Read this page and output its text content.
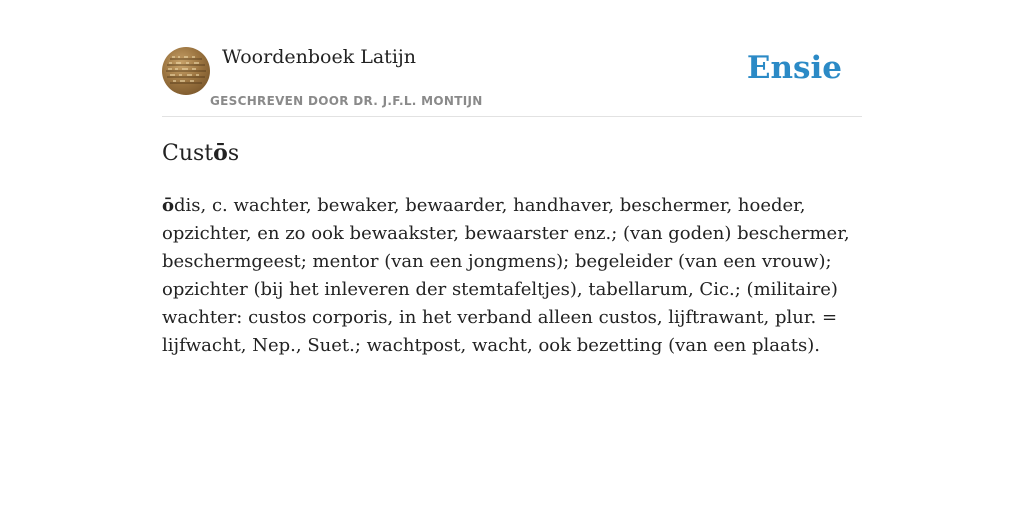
Woordenboek Latijn
GESCHREVEN DOOR DR. J.F.L. MONTIJN
Ensie
Custōs

ōdis, c. wachter, bewaker, bewaarder, handhaver, beschermer, hoeder, opzichter, en zo ook bewaakster, bewaarster enz.; (van goden) beschermer, beschermgeest; mentor (van een jongmens); begeleider (van een vrouw); opzichter (bij het inleveren der stemtafeltjes), tabellarum, Cic.; (militaire) wachter: custos corporis, in het verband alleen custos, lijftrawant, plur. = lijfwacht, Nep., Suet.; wachtpost, wacht, ook bezetting (van een plaats).
